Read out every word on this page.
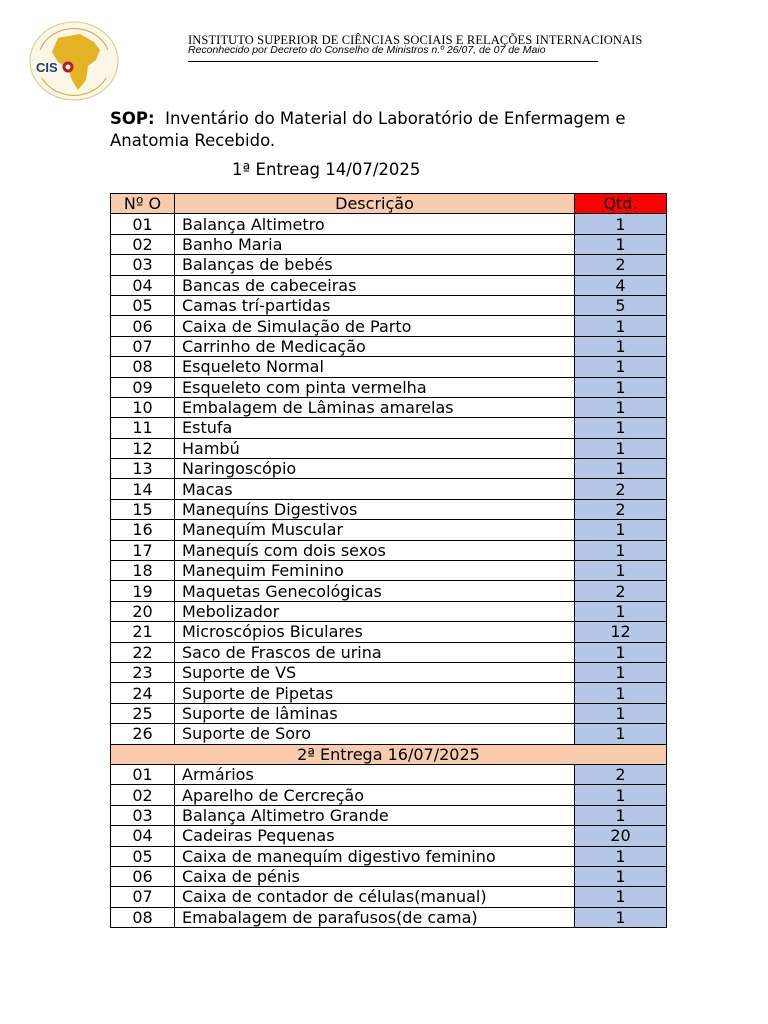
CIS
INSTITUTO SUPERIOR DE CIÊNCIAS SOCIAIS E RELAÇÕES INTERNACIONAIS
Reconhecido por Decreto do Conselho de Ministros n.º 26/07, de 07 de Maio
SOP: Inventário do Material do Laboratório de Enfermagem e Anatomia Recebido.
1ª Entreag 14/07/2025
Nº O	Descrição	Qtd.
01	Balança Altimetro	1
02	Banho Maria	1
03	Balanças de bebés	2
04	Bancas de cabeceiras	4
05	Camas trí-partidas	5
06	Caixa de Simulação de Parto	1
07	Carrinho de Medicação	1
08	Esqueleto Normal	1
09	Esqueleto com pinta vermelha	1
10	Embalagem de Lâminas amarelas	1
11	Estufa	1
12	Hambú	1
13	Naringoscópio	1
14	Macas	2
15	Manequíns Digestivos	2
16	Manequím Muscular	1
17	Manequís com dois sexos	1
18	Manequim Feminino	1
19	Maquetas Genecológicas	2
20	Mebolizador	1
21	Microscópios Biculares	12
22	Saco de Frascos de urina	1
23	Suporte de VS	1
24	Suporte de Pipetas	1
25	Suporte de lâminas	1
26	Suporte de Soro	1
2ª Entrega 16/07/2025		
01	Armários	2
02	Aparelho de Cercreção	1
03	Balança Altimetro Grande	1
04	Cadeiras Pequenas	20
05	Caixa de manequím digestivo feminino	1
06	Caixa de pénis	1
07	Caixa de contador de células(manual)	1
08	Emabalagem de parafusos(de cama)	1
